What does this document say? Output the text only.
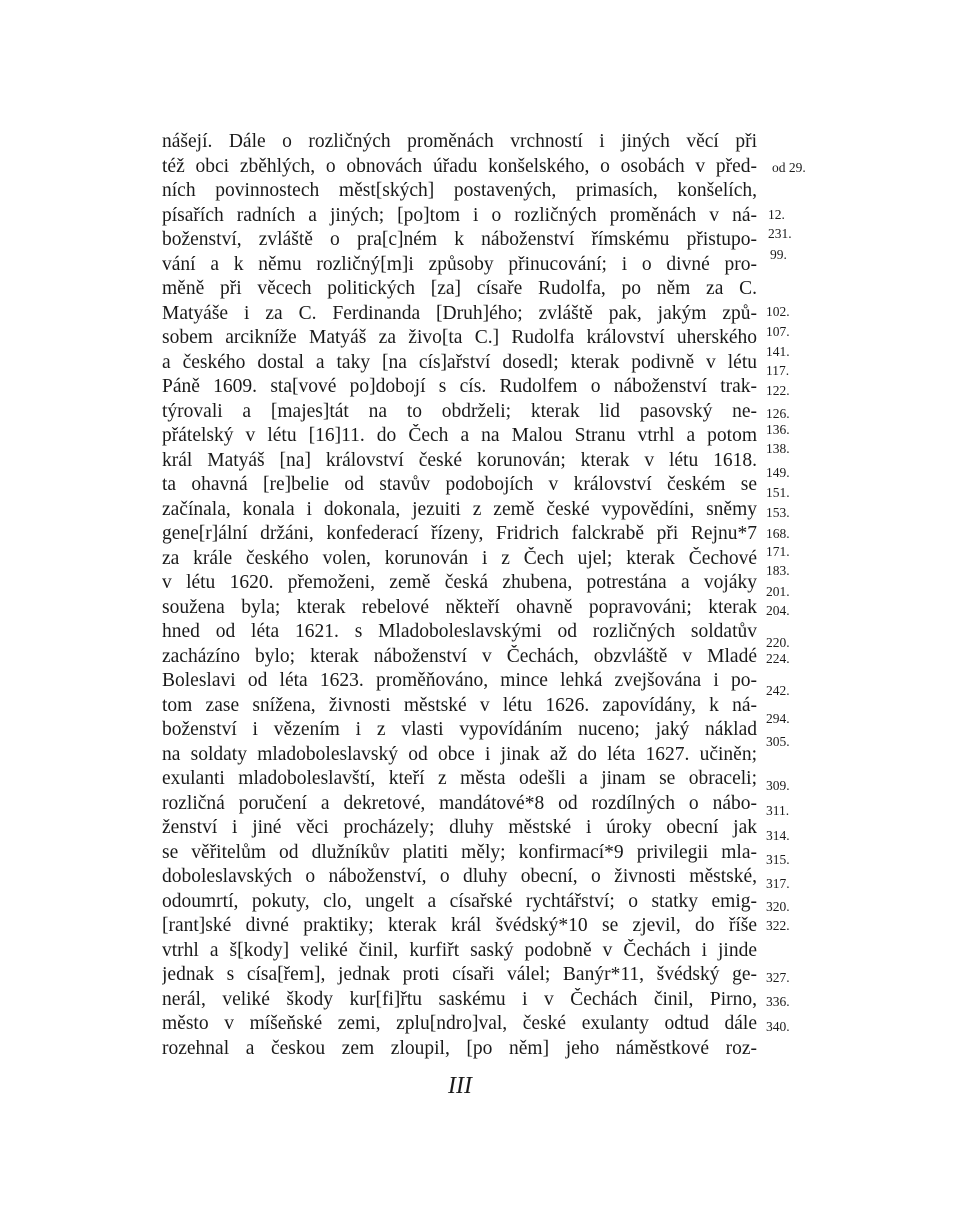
nášejí. Dále o rozličných proměnách vrchností i jiných věcí při
též obci zběhlých, o obnovách úřadu konšelského, o osobách v před-
ních povinnostech měst[ských] postavených, primasích, konšelích,
písařích radních a jiných; [po]tom i o rozličných proměnách v ná-
boženství, zvláště o pra[c]ném k náboženství římskému přistupo-
vání a k němu rozličný[m]i způsoby přinucování; i o divné pro-
měně při věcech politických [za] císaře Rudolfa, po něm za C.
Matyáše i za C. Ferdinanda [Druh]ého; zvláště pak, jakým způ-
sobem arcikníže Matyáš za živo[ta C.] Rudolfa království uherského
a českého dostal a taky [na cís]ařství dosedl; kterak podivně v létu
Páně 1609. sta[vové po]dobojí s cís. Rudolfem o náboženství trak-
týrovali a [majes]tát na to obdrželi; kterak lid pasovský ne-
přátelský v létu [16]11. do Čech a na Malou Stranu vtrhl a potom
král Matyáš [na] království české korunován; kterak v létu 1618.
ta ohavná [re]belie od stavův podobojích v království českém se
začínala, konala i dokonala, jezuiti z země české vypovědíni, sněmy
gene[r]ální držáni, konfederací řízeny, Fridrich falckrabě při Rejnu*7
za krále českého volen, korunován i z Čech ujel; kterak Čechové
v létu 1620. přemoženi, země česká zhubena, potrestána a vojáky
soužena byla; kterak rebelové někteří ohavně popravováni; kterak
hned od léta 1621. s Mladoboleslavskými od rozličných soldatův
zacházíno bylo; kterak náboženství v Čechách, obzvláště v Mladé
Boleslavi od léta 1623. proměňováno, mince lehká zvejšována i po-
tom zase snížena, živnosti městské v létu 1626. zapovídány, k ná-
boženství i vězením i z vlasti vypovídáním nuceno; jaký náklad
na soldaty mladoboleslavský od obce i jinak až do léta 1627. učiněn;
exulanti mladoboleslavští, kteří z města odešli a jinam se obraceli;
rozličná poručení a dekretové, mandátové*8 od rozdílných o nábo-
ženství i jiné věci procházely; dluhy městské i úroky obecní jak
se věřitelům od dlužníkův platiti měly; konfirmací*9 privilegii mla-
doboleslavských o náboženství, o dluhy obecní, o živnosti městské,
odoumrtí, pokuty, clo, ungelt a císařské rychtářství; o statky emig-
[rant]ské divné praktiky; kterak král švédský*10 se zjevil, do říše
vtrhl a š[kody] veliké činil, kurfiřt saský podobně v Čechách i jinde
jednak s císa[řem], jednak proti císaři válel; Banýr*11, švédský ge-
nerál, veliké škody kur[fi]řtu saskému i v Čechách činil, Pirno,
město v míšeňské zemi, zplu[ndro]val, české exulanty odtud dále
rozehnal a českou zem zloupil, [po něm] jeho náměstkové roz-
od 29.
12.
231.
99.
102.
107.
141.
117.
122.
126.
136.
138.
149.
151.
153.
168.
171.
183.
201.
204.
220.
224.
242.
294.
305.
309.
311.
314.
315.
317.
320.
322.
327.
336.
340.
III
